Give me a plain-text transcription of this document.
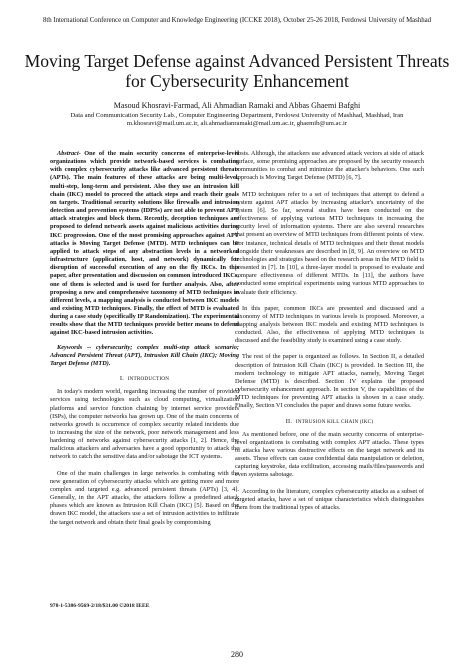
8th International Conference on Computer and Knowledge Engineering (ICCKE 2018), October 25-26 2018, Ferdowsi University of Mashhad
Moving Target Defense against Advanced Persistent Threats for Cybersecurity Enhancement
Masoud Khosravi-Farmad, Ali Ahmadian Ramaki and Abbas Ghaemi Bafghi
Data and Communication Security Lab., Computer Engineering Department, Ferdowsi University of Mashhad, Mashhad, Iran
m.khosravi@mail.um.ac.ir, ali.ahmadianramaki@mail.um.ac.ir, ghaemib@um.ac.ir

Abstract- One of the main security concerns of enterprise-level organizations which provide network-based services is combating with complex cybersecurity attacks like advanced persistent threats (APTs). The main features of these attacks are being multi-level, multi-step, long-term and persistent. Also they use an intrusion kill chain (IKC) model to proceed the attack steps and reach their goals on targets. Traditional security solutions like firewalls and intrusion detection and prevention systems (IDPSs) are not able to prevent APT attack strategies and block them. Recently, deception techniques are proposed to defend network assets against malicious activities during IKC progression. One of the most promising approaches against APT attacks is Moving Target Defense (MTD). MTD techniques can be applied to attack steps of any abstraction levels in a networked infrastructure (application, host, and network) dynamically for disruption of successful execution of any on the fly IKCs. In this paper, after presentation and discussion on common introduced IKCs, one of them is selected and is used for further analysis. Also, after proposing a new and comprehensive taxonomy of MTD techniques in different levels, a mapping analysis is conducted between IKC models and existing MTD techniques. Finally, the effect of MTD is evaluated during a case study (specifically IP Randomization). The experimental results show that the MTD techniques provide better means to defend against IKC-based intrusion activities.

Keywords -- cybersecurity; complex multi-step attack scenario; Advanced Persistent Threat (APT), Intrusion Kill Chain (IKC); Moving Target Defense (MTD).

I. INTRODUCTION

In today's modern world, regarding increasing the number of provided services using technologies such as cloud computing, virtualization platforms and service function chaining by internet service providers (ISPs), the computer networks has grown up. One of the main concerns of networks growth is occurrence of complex security related incidents due to increasing the size of the network, poor network management and less hardening of networks against cybersecurity attacks [1, 2]. Hence, the malicious attackers and adversaries have a good opportunity to attack the network to catch the sensitive data and/or sabotage the ICT systems.

One of the main challenges in large networks is combating with the new generation of cybersecurity attacks which are getting more and more complex and targeted e.g. advanced persistent threats (APTs) [3, 4]. Generally, in the APT attacks, the attackers follow a predefined attack phases which are known as Intrusion Kill Chain (IKC) [5]. Based on the drawn IKC model, the attackers use a set of intrusion activities to infiltrate the target network and obtain their final goals by compromising

hosts. Although, the attackers use advanced attack vectors at side of attack surface, some promising approaches are proposed by the security research communities to combat and minimize the attacker's behaviors. One such approach is Moving Target Defense (MTD) [6, 7].

MTD techniques refer to a set of techniques that attempt to defend a system against APT attacks by increasing attacker's uncertainty of the system [6]. So far, several studies have been conducted on the effectiveness of applying various MTD techniques in increasing the security level of information systems. There are also several researches that present an overview of MTD techniques from different points of view. For instance, technical details of MTD techniques and their threat models alongside their weaknesses are described in [8, 9]. An overview on MTD technologies and strategies based on the research areas in the MTD field is presented in [7]. In [10], a three-layer model is proposed to evaluate and compare effectiveness of different MTDs. In [11], the authors have conducted some empirical experiments using various MTD approaches to evaluate their efficiency.

In this paper, common IKCs are presented and discussed and a taxonomy of MTD techniques in various levels is proposed. Moreover, a mapping analysis between IKC models and existing MTD techniques is conducted. Also, the effectiveness of applying MTD techniques is discussed and the feasibility study is examined using a case study.

The rest of the paper is organized as follows. In Section II, a detailed description of Intrusion Kill Chain (IKC) is provided. In Section III, the modern technology to mitigate APT attacks, namely, Moving Target Defense (MTD) is described. Section IV explains the proposed cybersecurity enhancement approach. In section V, the capabilities of the MTD techniques for preventing APT attacks is shown in a case study. Finally, Section VI concludes the paper and draws some future works.

II. INTRUSION KILL CHAIN (IKC)

As mentioned before, one of the main security concerns of enterprise-level organizations is combating with complex APT attacks. These types of attacks have various destructive effects on the target network and its assets. These effects can cause confidential data manipulation or deletion, capturing keystroke, data exfiltration, accessing mails/files/passwords and even systems sabotage.

According to the literature, complex cybersecurity attacks as a subset of targeted attacks, have a set of unique characteristics which distinguishes them from the traditional types of attacks.

978-1-5386-9569-2/18/$31.00 ©2018 IEEE
280
